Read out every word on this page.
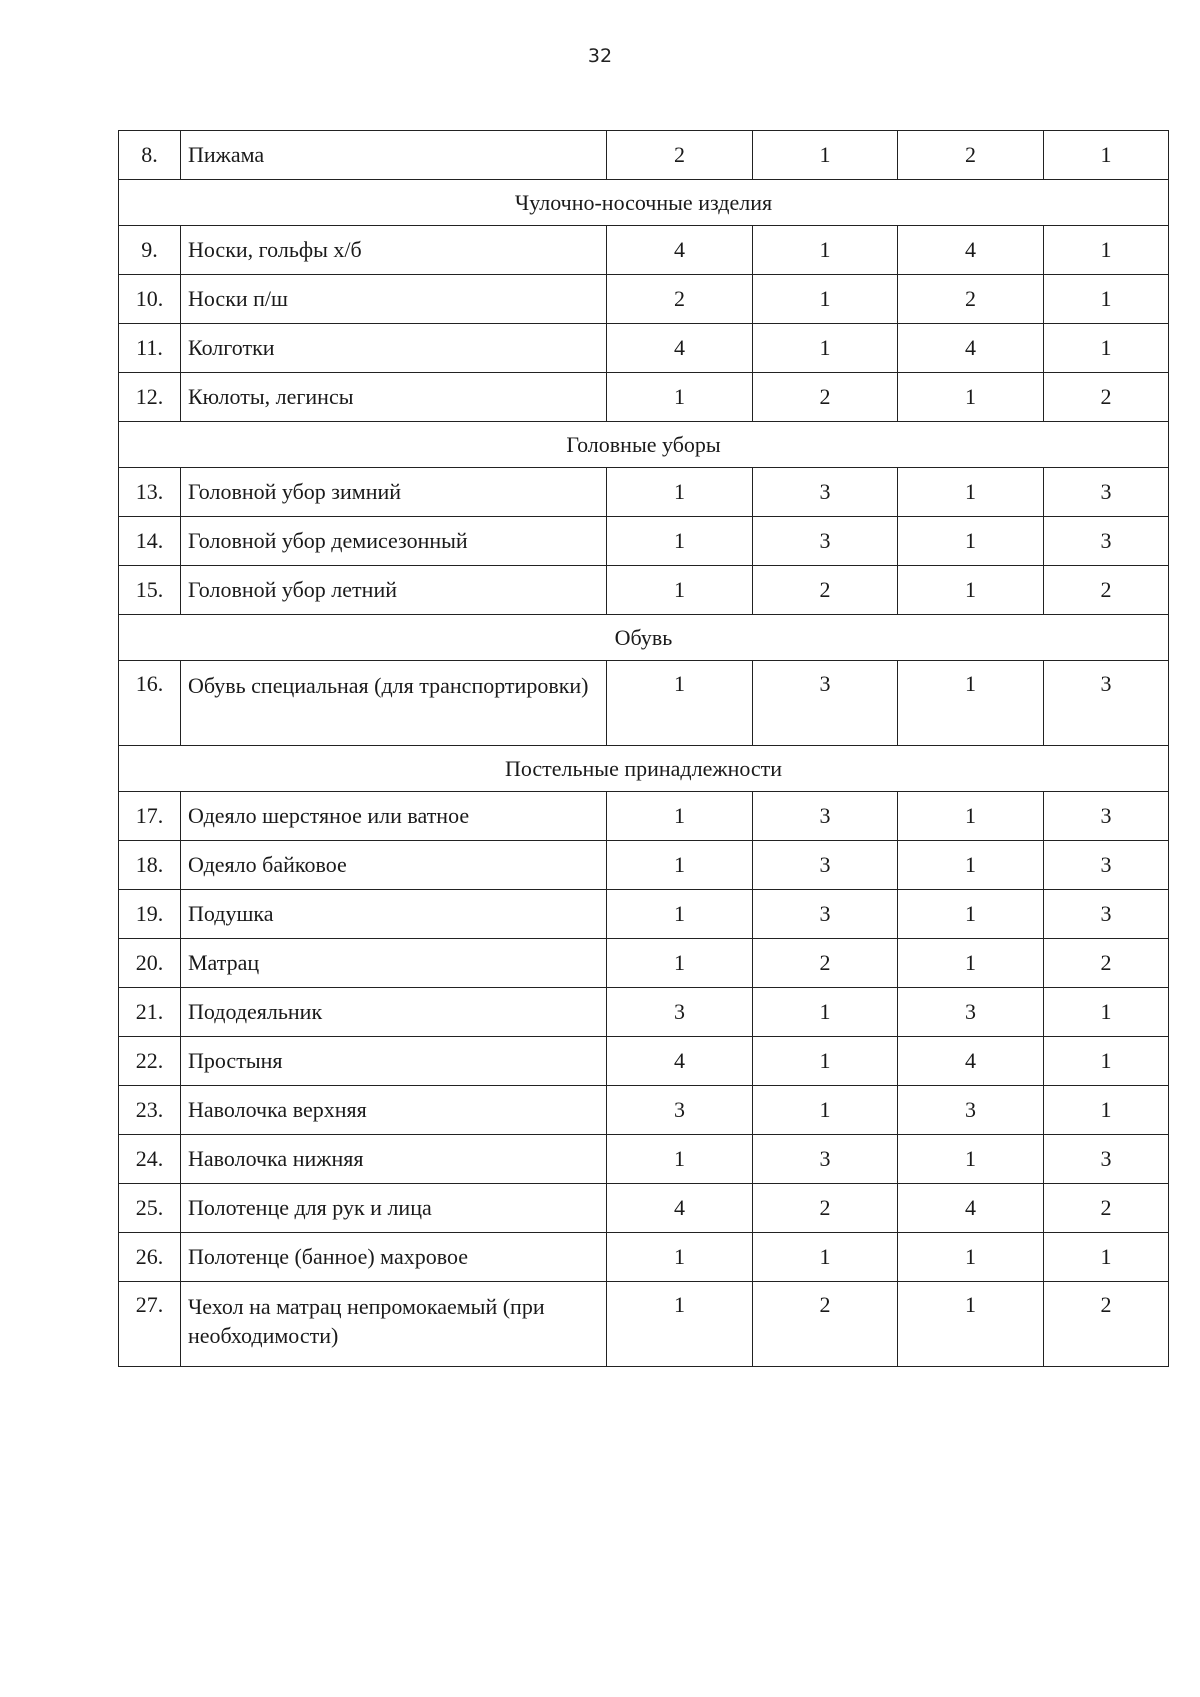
32
8.	Пижама	2	1	2	1
Чулочно-носочные изделия					
9.	Носки, гольфы х/б	4	1	4	1
10.	Носки п/ш	2	1	2	1
11.	Колготки	4	1	4	1
12.	Кюлоты, легинсы	1	2	1	2
Головные уборы					
13.	Головной убор зимний	1	3	1	3
14.	Головной убор демисезонный	1	3	1	3
15.	Головной убор летний	1	2	1	2
Обувь					
16.	Обувь специальная (для транспортировки)	1	3	1	3
Постельные принадлежности					
17.	Одеяло шерстяное или ватное	1	3	1	3
18.	Одеяло байковое	1	3	1	3
19.	Подушка	1	3	1	3
20.	Матрац	1	2	1	2
21.	Пододеяльник	3	1	3	1
22.	Простыня	4	1	4	1
23.	Наволочка верхняя	3	1	3	1
24.	Наволочка нижняя	1	3	1	3
25.	Полотенце для рук и лица	4	2	4	2
26.	Полотенце (банное) махровое	1	1	1	1
27.	Чехол на матрац непромокаемый (при необходимости)	1	2	1	2
